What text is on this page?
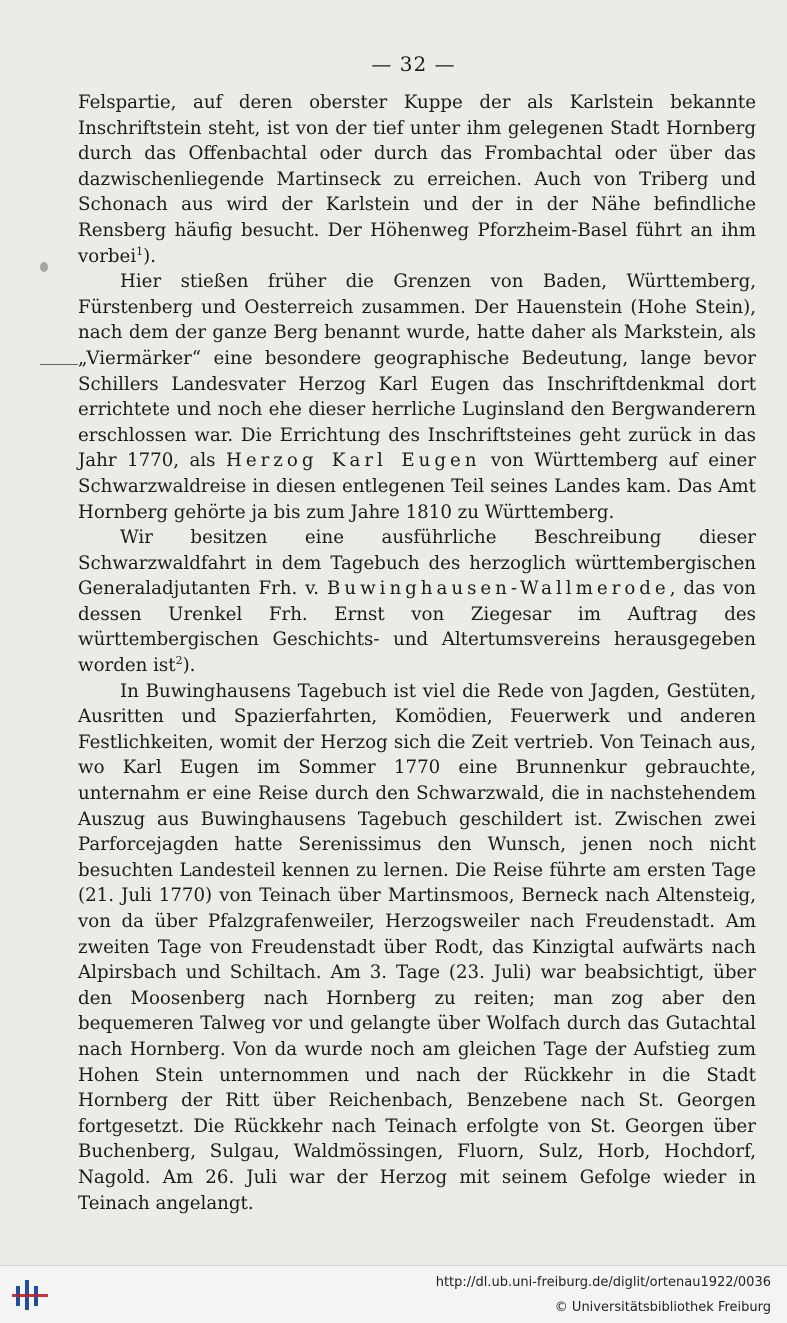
— 32 —

Felspartie, auf deren oberster Kuppe der als Karlstein bekannte Inschriftstein steht, ist von der tief unter ihm gelegenen Stadt Hornberg durch das Offenbachtal oder durch das Frombachtal oder über das dazwischenliegende Martinseck zu erreichen. Auch von Triberg und Schonach aus wird der Karlstein und der in der Nähe befindliche Rensberg häufig besucht. Der Höhenweg Pforzheim-Basel führt an ihm vorbei$^1$).

Hier stießen früher die Grenzen von Baden, Württemberg, Fürstenberg und Oesterreich zusammen. Der Hauenstein (Hohe Stein), nach dem der ganze Berg benannt wurde, hatte daher als Markstein, als „Viermärker“ eine besondere geographische Bedeutung, lange bevor Schillers Landesvater Herzog Karl Eugen das Inschriftdenkmal dort errichtete und noch ehe dieser herrliche Luginsland den Bergwanderern erschlossen war. Die Errichtung des Inschriftsteines geht zurück in das Jahr 1770, als Herzog Karl Eugen von Württemberg auf einer Schwarzwaldreise in diesen entlegenen Teil seines Landes kam. Das Amt Hornberg gehörte ja bis zum Jahre 1810 zu Württemberg.

Wir besitzen eine ausführliche Beschreibung dieser Schwarzwaldfahrt in dem Tagebuch des herzoglich württembergischen Generaladjutanten Frh. v. Buwinghausen-Wallmerode, das von dessen Urenkel Frh. Ernst von Ziegesar im Auftrag des württembergischen Geschichts- und Altertumsvereins herausgegeben worden ist$^2$).

In Buwinghausens Tagebuch ist viel die Rede von Jagden, Gestüten, Ausritten und Spazierfahrten, Komödien, Feuerwerk und anderen Festlichkeiten, womit der Herzog sich die Zeit vertrieb. Von Teinach aus, wo Karl Eugen im Sommer 1770 eine Brunnenkur gebrauchte, unternahm er eine Reise durch den Schwarzwald, die in nachstehendem Auszug aus Buwinghausens Tagebuch geschildert ist. Zwischen zwei Parforcejagden hatte Serenissimus den Wunsch, jenen noch nicht besuchten Landesteil kennen zu lernen. Die Reise führte am ersten Tage (21. Juli 1770) von Teinach über Martinsmoos, Berneck nach Altensteig, von da über Pfalzgrafenweiler, Herzogsweiler nach Freudenstadt. Am zweiten Tage von Freudenstadt über Rodt, das Kinzigtal aufwärts nach Alpirsbach und Schiltach. Am 3. Tage (23. Juli) war beabsichtigt, über den Moosenberg nach Hornberg zu reiten; man zog aber den bequemeren Talweg vor und gelangte über Wolfach durch das Gutachtal nach Hornberg. Von da wurde noch am gleichen Tage der Aufstieg zum Hohen Stein unternommen und nach der Rückkehr in die Stadt Hornberg der Ritt über Reichenbach, Benzebene nach St. Georgen fortgesetzt. Die Rückkehr nach Teinach erfolgte von St. Georgen über Buchenberg, Sulgau, Waldmössingen, Fluorn, Sulz, Horb, Hochdorf, Nagold. Am 26. Juli war der Herzog mit seinem Gefolge wieder in Teinach angelangt.

http://dl.ub.uni-freiburg.de/diglit/ortenau1922/0036
© Universitätsbibliothek Freiburg
